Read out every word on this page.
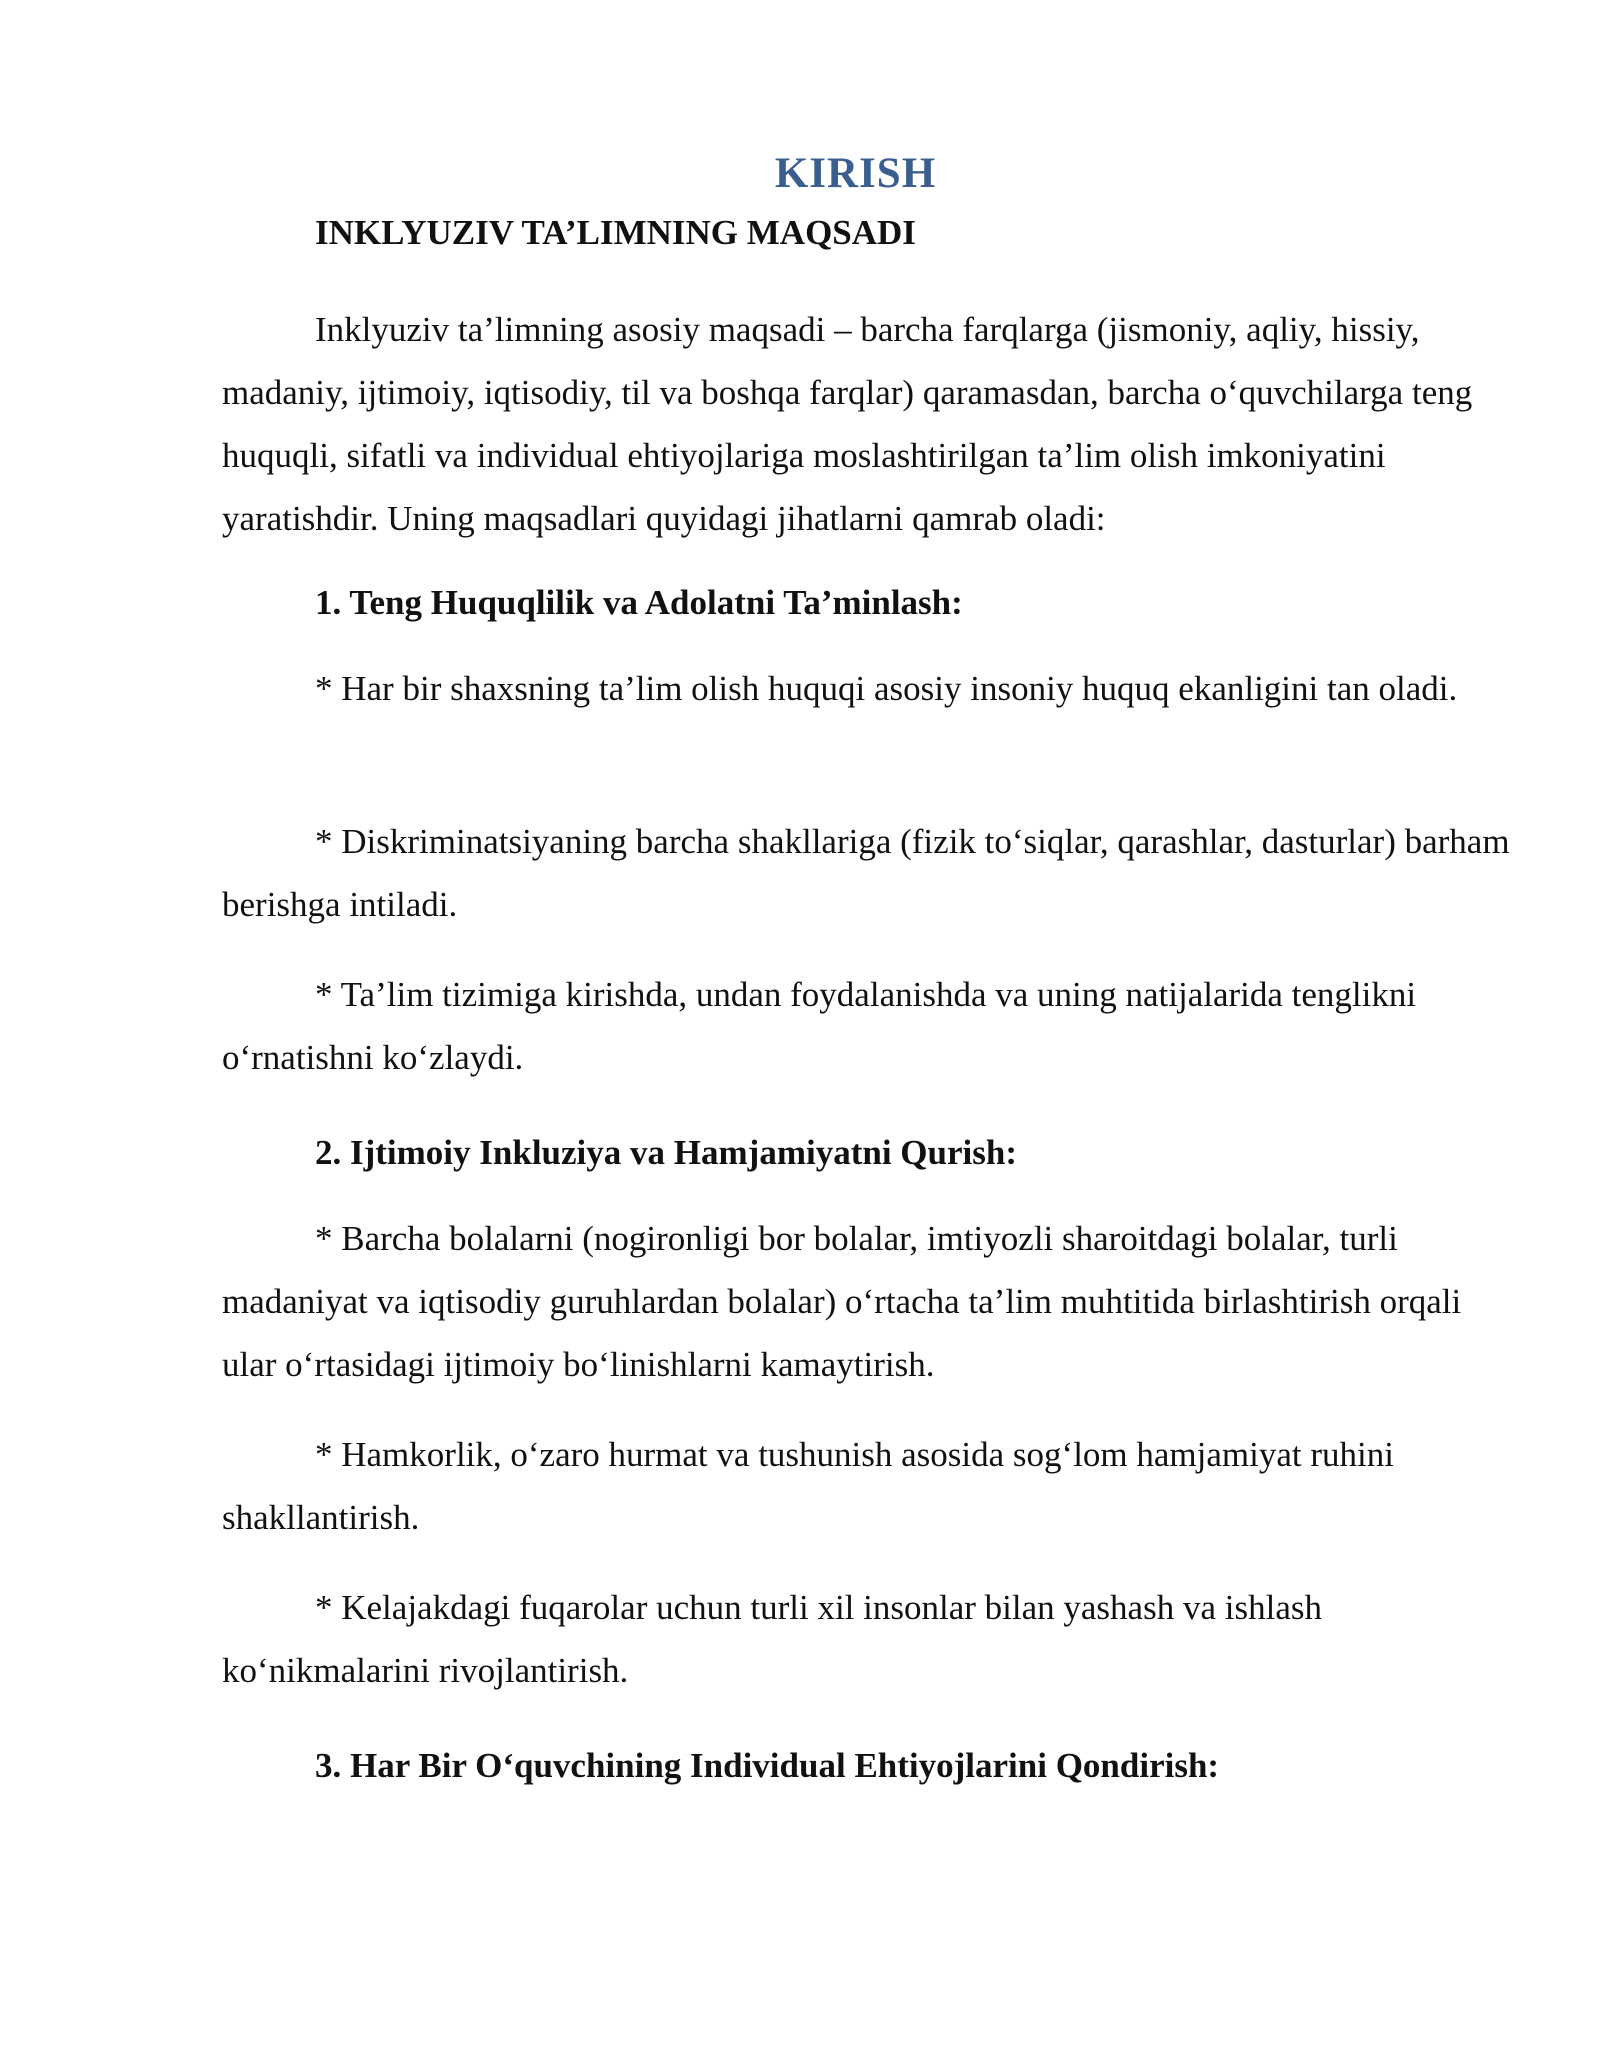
KIRISH
INKLYUZIV TA’LIMNING MAQSADI

Inklyuziv ta’limning asosiy maqsadi – barcha farqlarga (jismoniy, aqliy, hissiy, madaniy, ijtimoiy, iqtisodiy, til va boshqa farqlar) qaramasdan, barcha o‘quvchilarga teng huquqli, sifatli va individual ehtiyojlariga moslashtirilgan ta’lim olish imkoniyatini yaratishdir. Uning maqsadlari quyidagi jihatlarni qamrab oladi:

1. Teng Huquqlilik va Adolatni Ta’minlash:

* Har bir shaxsning ta’lim olish huquqi asosiy insoniy huquq ekanligini tan oladi.

* Diskriminatsiyaning barcha shakllariga (fizik to‘siqlar, qarashlar, dasturlar) barham berishga intiladi.

* Ta’lim tizimiga kirishda, undan foydalanishda va uning natijalarida tenglikni o‘rnatishni ko‘zlaydi.

2. Ijtimoiy Inkluziya va Hamjamiyatni Qurish:

* Barcha bolalarni (nogironligi bor bolalar, imtiyozli sharoitdagi bolalar, turli madaniyat va iqtisodiy guruhlardan bolalar) o‘rtacha ta’lim muhtitida birlashtirish orqali ular o‘rtasidagi ijtimoiy bo‘linishlarni kamaytirish.

* Hamkorlik, o‘zaro hurmat va tushunish asosida sog‘lom hamjamiyat ruhini shakllantirish.

* Kelajakdagi fuqarolar uchun turli xil insonlar bilan yashash va ishlash ko‘nikmalarini rivojlantirish.

3. Har Bir O‘quvchining Individual Ehtiyojlarini Qondirish:
